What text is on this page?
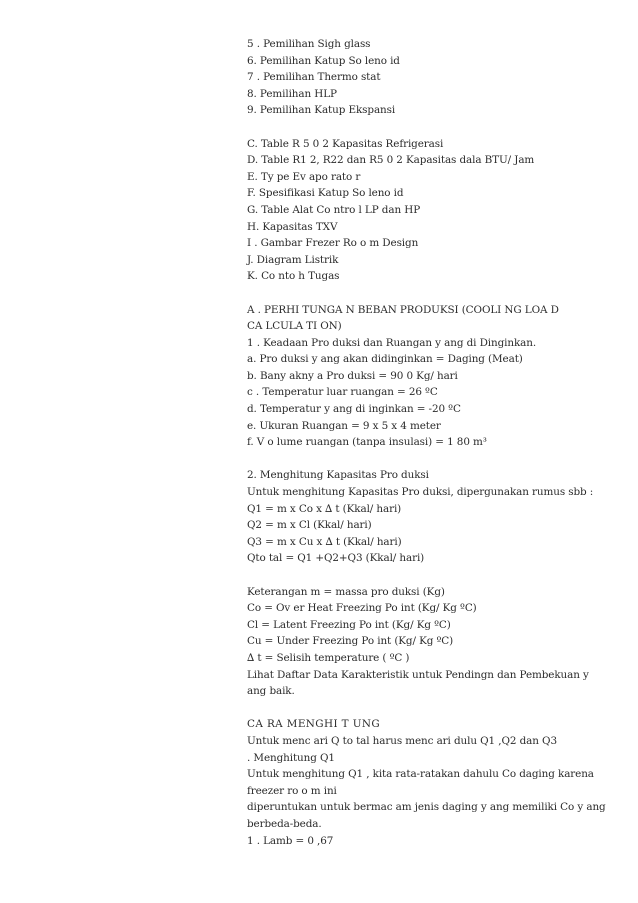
5 . Pemilihan Sigh glass
6. Pemilihan Katup So leno id
7 . Pemilihan Thermo stat
8. Pemilihan HLP
9. Pemilihan Katup Ekspansi
C. Table R 5 0 2 Kapasitas Refrigerasi
D. Table R1 2, R22 dan R5 0 2 Kapasitas dala BTU/ Jam
E. Ty pe Ev apo rato r
F. Spesifikasi Katup So leno id
G. Table Alat Co ntro l LP dan HP
H. Kapasitas TXV
I . Gambar Frezer Ro o m Design
J. Diagram Listrik
K. Co nto h Tugas
A . PERHI TUNGA N BEBAN PRODUKSI (COOLI NG LOA D
CA LCULA TI ON)
1 . Keadaan Pro duksi dan Ruangan y ang di Dinginkan.
a. Pro duksi y ang akan didinginkan = Daging (Meat)
b. Bany akny a Pro duksi = 90 0 Kg/ hari
c . Temperatur luar ruangan = 26 ºC
d. Temperatur y ang di inginkan = -20 ºC
e. Ukuran Ruangan = 9 x 5 x 4 meter
f. V o lume ruangan (tanpa insulasi) = 1 80 m³
2. Menghitung Kapasitas Pro duksi
Untuk menghitung Kapasitas Pro duksi, dipergunakan rumus sbb :
Q1 = m x Co x ∆ t (Kkal/ hari)
Q2 = m x Cl (Kkal/ hari)
Q3 = m x Cu x ∆ t (Kkal/ hari)
Qto tal = Q1 +Q2+Q3 (Kkal/ hari)
Keterangan m = massa pro duksi (Kg)
Co = Ov er Heat Freezing Po int (Kg/ Kg ºC)
Cl = Latent Freezing Po int (Kg/ Kg ºC)
Cu = Under Freezing Po int (Kg/ Kg ºC)
∆ t = Selisih temperature ( ºC )
Lihat Daftar Data Karakteristik untuk Pendingn dan Pembekuan y
ang baik.
CA RA MENGHI T UNG
Untuk menc ari Q to tal harus menc ari dulu Q1 ,Q2 dan Q3
. Menghitung Q1
Untuk menghitung Q1 , kita rata-ratakan dahulu Co daging karena
freezer ro o m ini
diperuntukan untuk bermac am jenis daging y ang memiliki Co y ang
berbeda-beda.
1 . Lamb = 0 ,67
